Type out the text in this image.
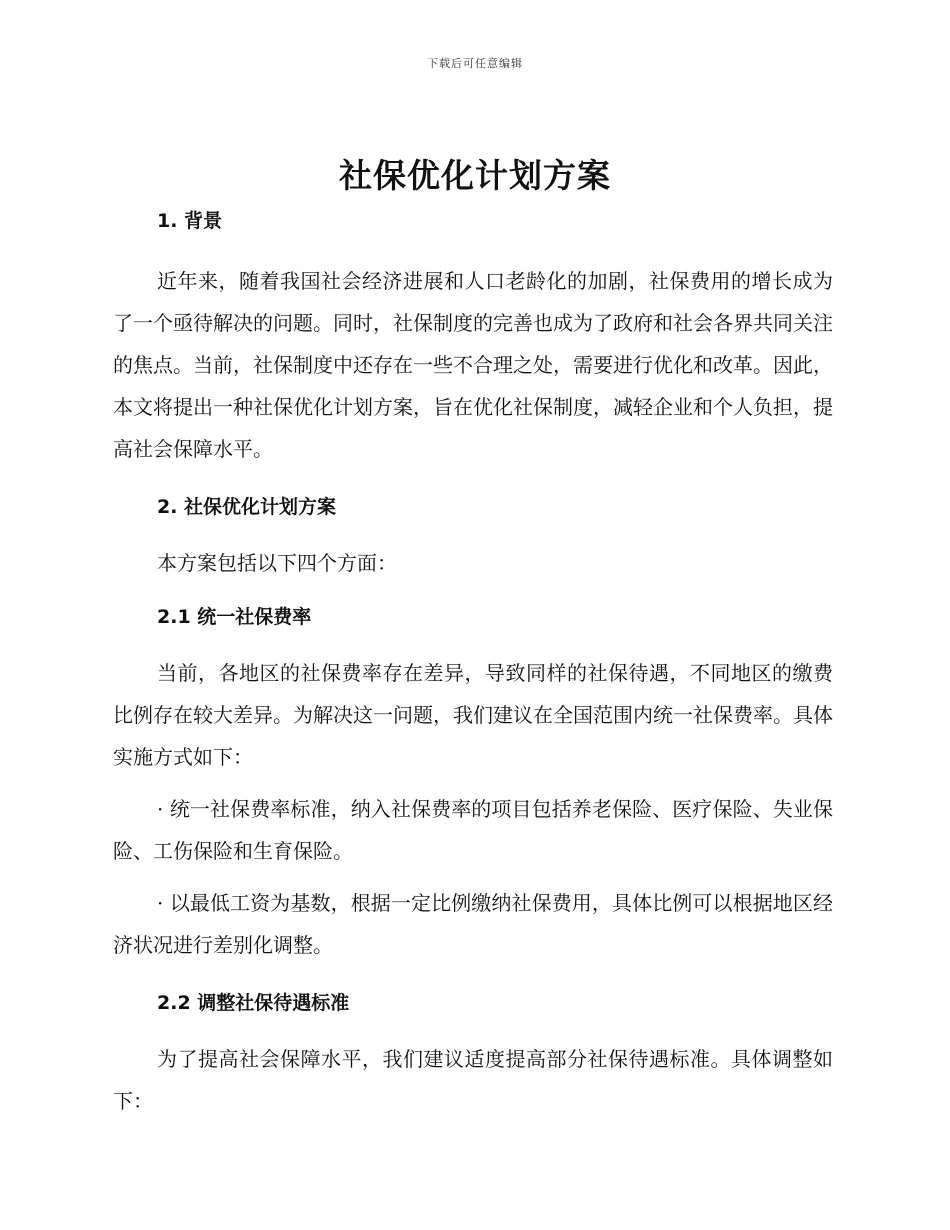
下载后可任意编辑
社保优化计划方案

1. 背景

近年来，随着我国社会经济进展和人口老龄化的加剧，社保费用的增长成为了一个亟待解决的问题。同时，社保制度的完善也成为了政府和社会各界共同关注的焦点。当前，社保制度中还存在一些不合理之处，需要进行优化和改革。因此，本文将提出一种社保优化计划方案，旨在优化社保制度，减轻企业和个人负担，提高社会保障水平。

2. 社保优化计划方案

本方案包括以下四个方面：

2.1 统一社保费率

当前，各地区的社保费率存在差异，导致同样的社保待遇，不同地区的缴费比例存在较大差异。为解决这一问题，我们建议在全国范围内统一社保费率。具体实施方式如下：

· 统一社保费率标准，纳入社保费率的项目包括养老保险、医疗保险、失业保险、工伤保险和生育保险。

· 以最低工资为基数，根据一定比例缴纳社保费用，具体比例可以根据地区经济状况进行差别化调整。

2.2 调整社保待遇标准

为了提高社会保障水平，我们建议适度提高部分社保待遇标准。具体调整如下：
